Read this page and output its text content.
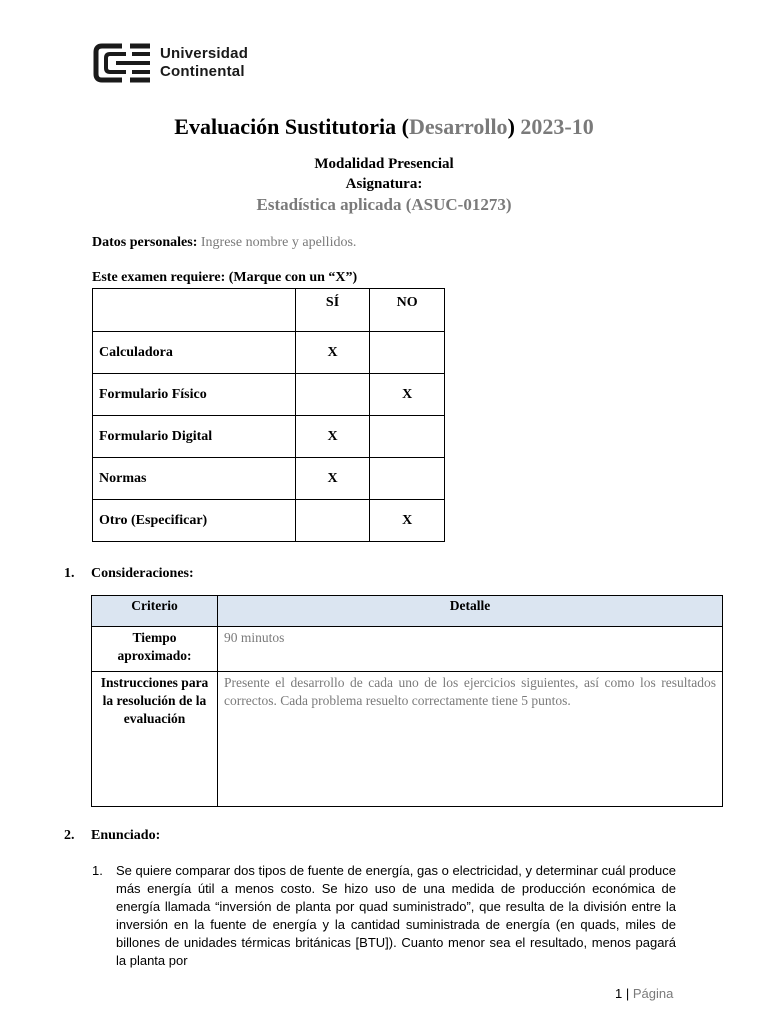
Universidad
Continental
Evaluación Sustitutoria (Desarrollo) 2023-10
Modalidad Presencial
Asignatura:
Estadística aplicada (ASUC-01273)
Datos personales: Ingrese nombre y apellidos.
Este examen requiere: (Marque con un “X”)
	SÍ	NO
Calculadora	X	
Formulario Físico		X
Formulario Digital	X	
Normas	X	
Otro (Especificar)		X
1. Consideraciones:
Criterio	Detalle
Tiempo aproximado:	90 minutos
Instrucciones para la resolución de la evaluación	Presente el desarrollo de cada uno de los ejercicios siguientes, así como los resultados correctos. Cada problema resuelto correctamente tiene 5 puntos.
2. Enunciado:
1. Se quiere comparar dos tipos de fuente de energía, gas o electricidad, y determinar cuál produce más energía útil a menos costo. Se hizo uso de una medida de producción económica de energía llamada “inversión de planta por quad suministrado”, que resulta de la división entre la inversión en la fuente de energía y la cantidad suministrada de energía (en quads, miles de billones de unidades térmicas británicas [BTU]). Cuanto menor sea el resultado, menos pagará la planta por
1 | Página
